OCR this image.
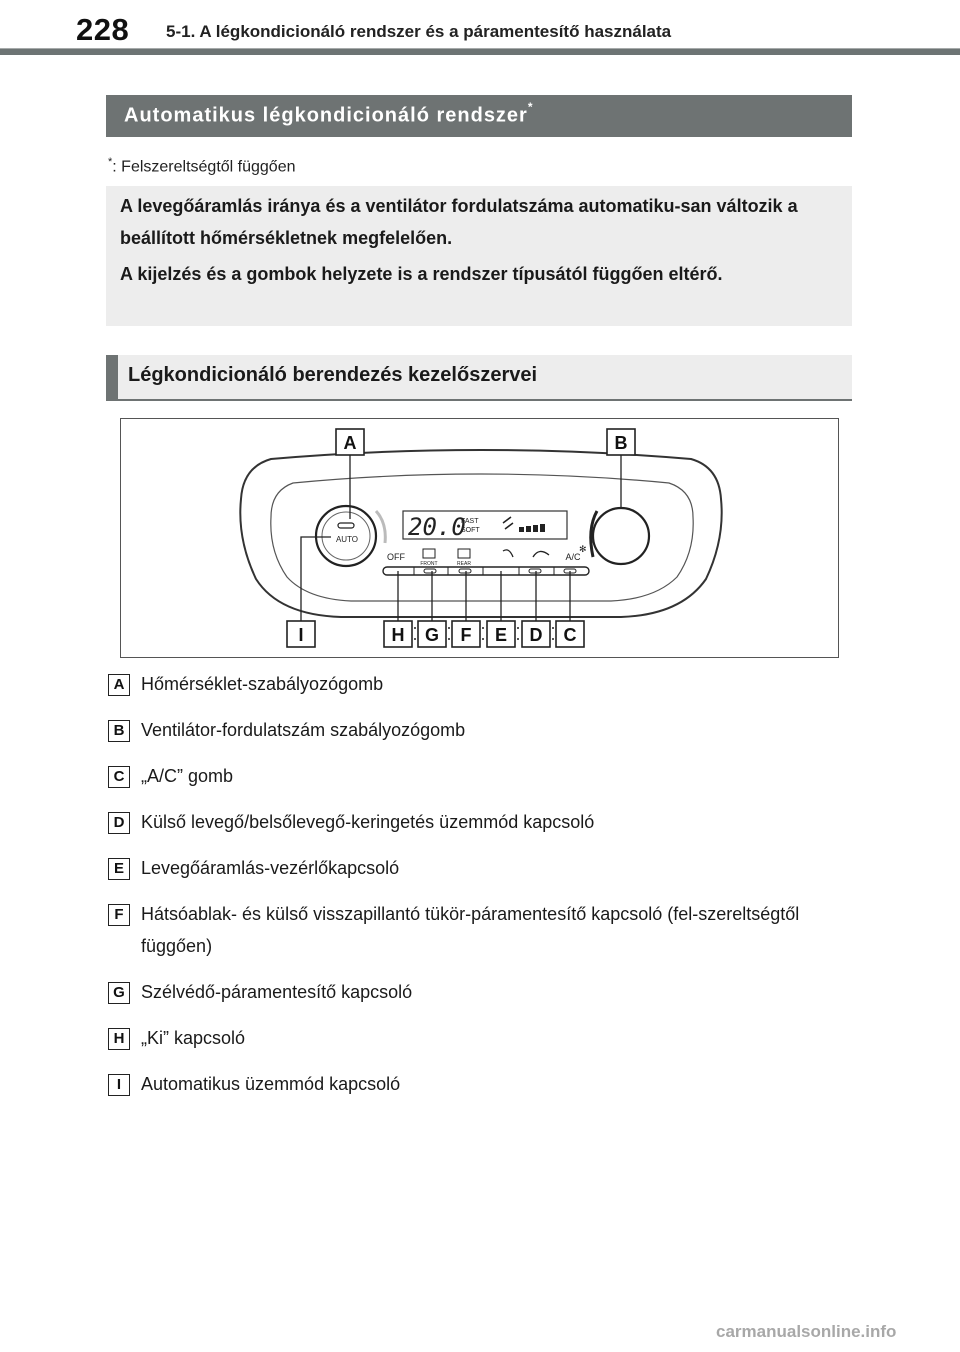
228 5-1. A légkondicionáló rendszer és a páramentesítő használata
Automatikus légkondicionáló rendszer*
*: Felszereltségtől függően

A levegőáramlás iránya és a ventilátor fordulatszáma automatiku-san változik a beállított hőmérsékletnek megfelelően.

A kijelzés és a gombok helyzete is a rendszer típusától függően eltérő.

Légkondicionáló berendezés kezelőszervei
AUTO 20.0
FAST
SOFT
✻
OFF
FRONT	REAR
A/C
A	B
I	H G F E D C
A Hőmérséklet-szabályozógomb
B Ventilátor-fordulatszám szabályozógomb
C „A/C” gomb
D Külső levegő/belsőlevegő-keringetés üzemmód kapcsoló
E Levegőáramlás-vezérlőkapcsoló
F Hátsóablak- és külső visszapillantó tükör-páramentesítő kapcsoló (fel-szereltségtől függően)
G Szélvédő-páramentesítő kapcsoló
H „Ki” kapcsoló
I	Automatikus üzemmód kapcsoló
carmanualsonline.info
